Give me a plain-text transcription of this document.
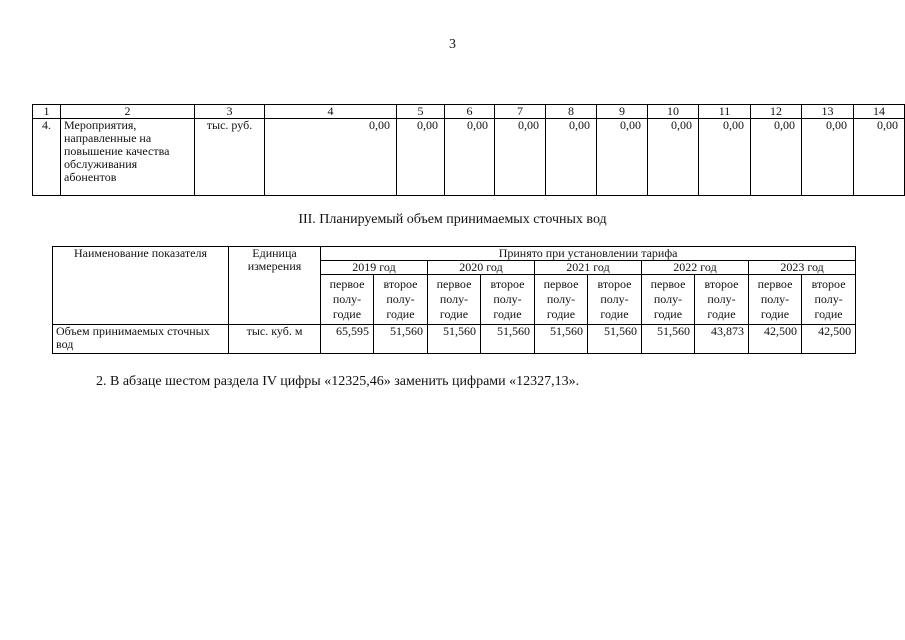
3
1	2	3	4	5	6	7	8	9	10	11	12	13	14
4.	Мероприятия, направленные на повышение качества обслуживания абонентов	тыс. руб.	0,00	0,00	0,00	0,00	0,00	0,00	0,00	0,00	0,00	0,00	0,00
III. Планируемый объем принимаемых сточных вод
Наименование показателя	Единица измерения	Принято при установлении тарифа									
		2019 год		2020 год		2021 год		2022 год		2023 год	
		первое полу-годие	второе полу-годие	первое полу-годие	второе полу-годие	первое полу-годие	второе полу-годие	первое полу-годие	второе полу-годие	первое полу-годие	второе полу-годие
Объем принимаемых сточных вод	тыс. куб. м	65,595	51,560	51,560	51,560	51,560	51,560	51,560	43,873	42,500	42,500
2. В абзаце шестом раздела IV цифры «12325,46» заменить цифрами «12327,13».
